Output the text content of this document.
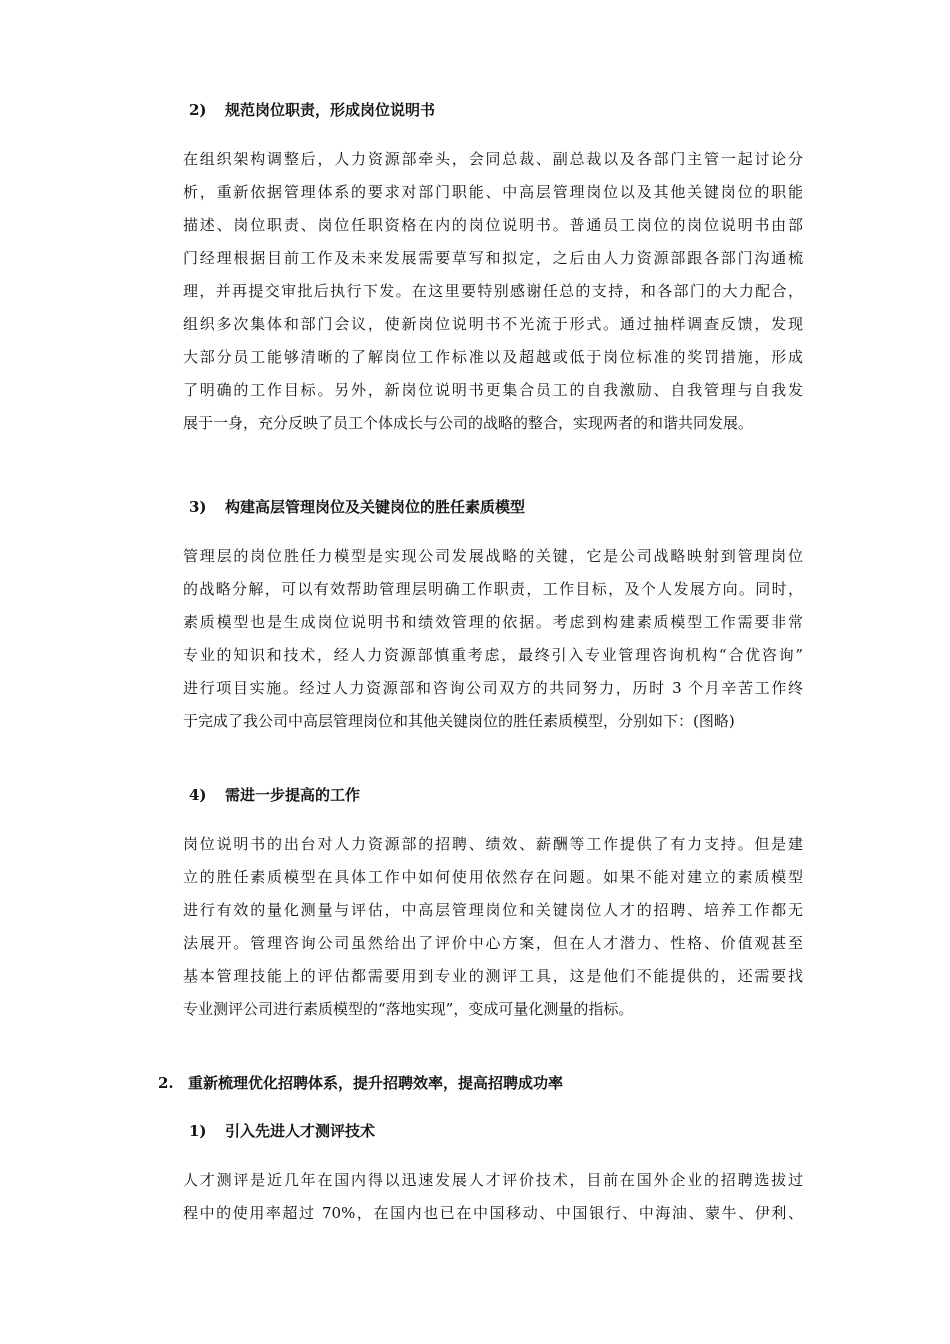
2) 规范岗位职责，形成岗位说明书
在组织架构调整后，人力资源部牵头，会同总裁、副总裁以及各部门主管一起讨论分
析，重新依据管理体系的要求对部门职能、中高层管理岗位以及其他关键岗位的职能
描述、岗位职责、岗位任职资格在内的岗位说明书。普通员工岗位的岗位说明书由部
门经理根据目前工作及未来发展需要草写和拟定，之后由人力资源部跟各部门沟通梳
理，并再提交审批后执行下发。在这里要特别感谢任总的支持，和各部门的大力配合，
组织多次集体和部门会议，使新岗位说明书不光流于形式。通过抽样调查反馈，发现
大部分员工能够清晰的了解岗位工作标准以及超越或低于岗位标准的奖罚措施，形成
了明确的工作目标。另外，新岗位说明书更集合员工的自我激励、自我管理与自我发
展于一身，充分反映了员工个体成长与公司的战略的整合，实现两者的和谐共同发展。
3) 构建高层管理岗位及关键岗位的胜任素质模型
管理层的岗位胜任力模型是实现公司发展战略的关键，它是公司战略映射到管理岗位
的战略分解，可以有效帮助管理层明确工作职责，工作目标，及个人发展方向。同时，
素质模型也是生成岗位说明书和绩效管理的依据。考虑到构建素质模型工作需要非常
专业的知识和技术，经人力资源部慎重考虑，最终引入专业管理咨询机构“合优咨询”
进行项目实施。经过人力资源部和咨询公司双方的共同努力，历时 3 个月辛苦工作终
于完成了我公司中高层管理岗位和其他关键岗位的胜任素质模型，分别如下：(图略)
4) 需进一步提高的工作
岗位说明书的出台对人力资源部的招聘、绩效、薪酬等工作提供了有力支持。但是建
立的胜任素质模型在具体工作中如何使用依然存在问题。如果不能对建立的素质模型
进行有效的量化测量与评估，中高层管理岗位和关键岗位人才的招聘、培养工作都无
法展开。管理咨询公司虽然给出了评价中心方案，但在人才潜力、性格、价值观甚至
基本管理技能上的评估都需要用到专业的测评工具，这是他们不能提供的，还需要找
专业测评公司进行素质模型的“落地实现”，变成可量化测量的指标。
2. 重新梳理优化招聘体系，提升招聘效率，提高招聘成功率
1) 引入先进人才测评技术
人才测评是近几年在国内得以迅速发展人才评价技术，目前在国外企业的招聘选拔过
程中的使用率超过 70%，在国内也已在中国移动、中国银行、中海油、蒙牛、伊利、
